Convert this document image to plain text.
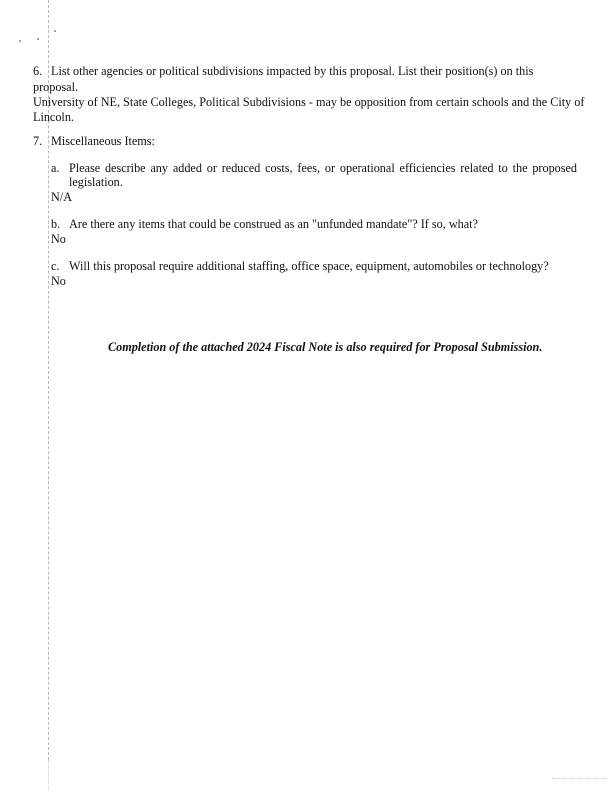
6. List other agencies or political subdivisions impacted by this proposal. List their position(s) on this
proposal.
University of NE, State Colleges, Political Subdivisions - may be opposition from certain schools and the City of
Lincoln.
7. Miscellaneous Items:
a. Please describe any added or reduced costs, fees, or operational efficiencies related to the proposed legislation.
N/A
b. Are there any items that could be construed as an "unfunded mandate"? If so, what?
No
c. Will this proposal require additional staffing, office space, equipment, automobiles or technology?
No
Completion of the attached 2024 Fiscal Note is also required for Proposal Submission.
